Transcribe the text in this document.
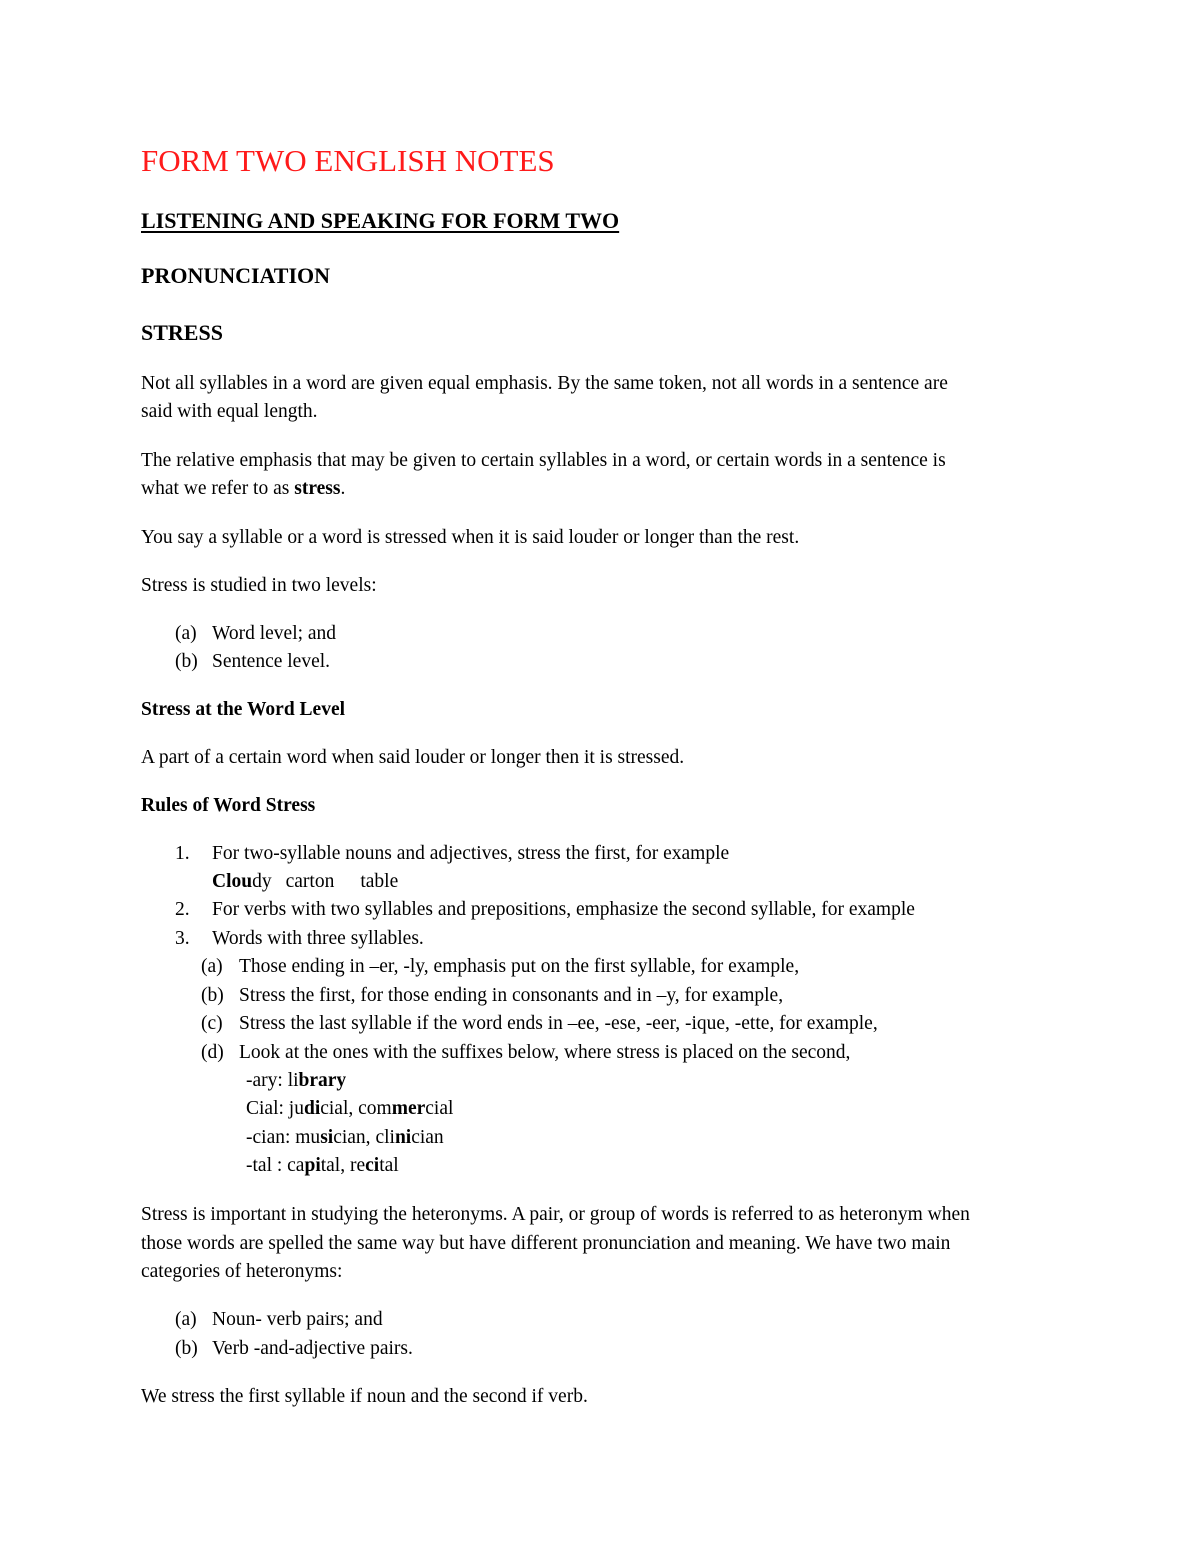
FORM TWO ENGLISH NOTES
LISTENING AND SPEAKING FOR FORM TWO
PRONUNCIATION
STRESS
Not all syllables in a word are given equal emphasis. By the same token, not all words in a sentence are
said with equal length.
The relative emphasis that may be given to certain syllables in a word, or certain words in a sentence is
what we refer to as stress.
You say a syllable or a word is stressed when it is said louder or longer than the rest.
Stress is studied in two levels:
(a) Word level; and
(b) Sentence level.
Stress at the Word Level
A part of a certain word when said louder or longer then it is stressed.
Rules of Word Stress
1. For two-syllable nouns and adjectives, stress the first, for example
Cloudy carton table
2. For verbs with two syllables and prepositions, emphasize the second syllable, for example
3. Words with three syllables.
(a) Those ending in –er, -ly, emphasis put on the first syllable, for example,
(b) Stress the first, for those ending in consonants and in –y, for example,
(c) Stress the last syllable if the word ends in –ee, -ese, -eer, -ique, -ette, for example,
(d) Look at the ones with the suffixes below, where stress is placed on the second,
-ary: library
Cial: judicial, commercial
-cian: musician, clinician
-tal : capital, recital
Stress is important in studying the heteronyms. A pair, or group of words is referred to as heteronym when
those words are spelled the same way but have different pronunciation and meaning. We have two main
categories of heteronyms:
(a) Noun- verb pairs; and
(b) Verb -and-adjective pairs.
We stress the first syllable if noun and the second if verb.
